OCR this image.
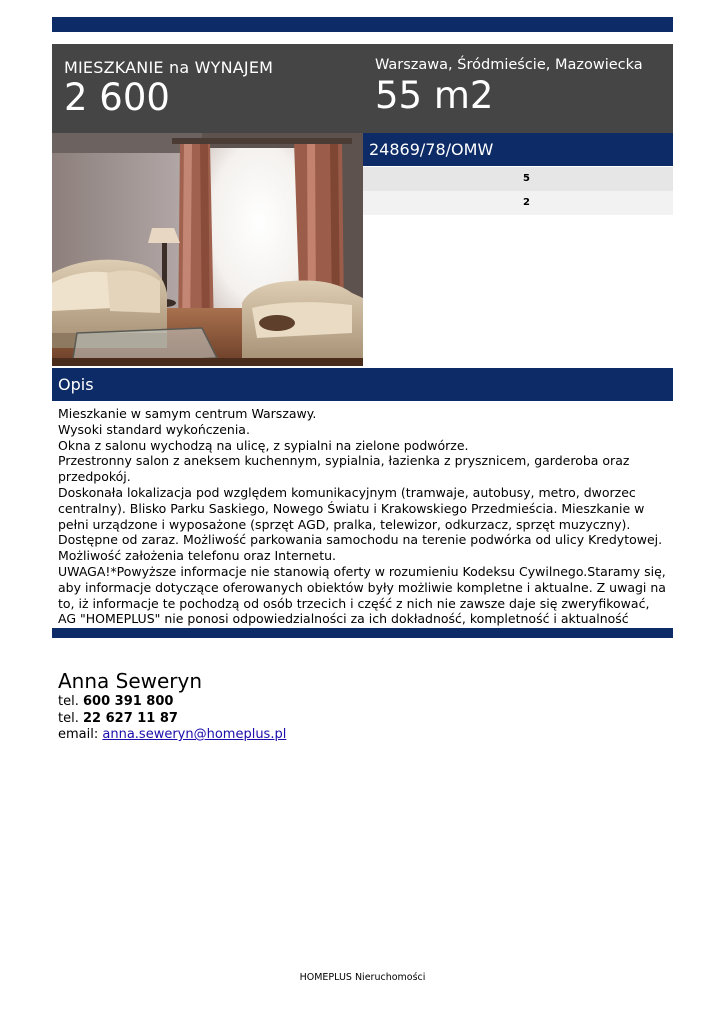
MIESZKANIE na WYNAJEM
2 600
Warszawa, Śródmieście, Mazowiecka
55 m2
24869/78/OMW
5
2
Opis
Mieszkanie w samym centrum Warszawy.
Wysoki standard wykończenia.
Okna z salonu wychodzą na ulicę, z sypialni na zielone podwórze.
Przestronny salon z aneksem kuchennym, sypialnia, łazienka z prysznicem, garderoba oraz przedpokój.
Doskonała lokalizacja pod względem komunikacyjnym (tramwaje, autobusy, metro, dworzec centralny). Blisko Parku Saskiego, Nowego Światu i Krakowskiego Przedmieścia. Mieszkanie w pełni urządzone i wyposażone (sprzęt AGD, pralka, telewizor, odkurzacz, sprzęt muzyczny). Dostępne od zaraz. Możliwość parkowania samochodu na terenie podwórka od ulicy Kredytowej. Możliwość założenia telefonu oraz Internetu.
UWAGA!*Powyższe informacje nie stanowią oferty w rozumieniu Kodeksu Cywilnego.Staramy się, aby informacje dotyczące oferowanych obiektów były możliwie kompletne i aktualne. Z uwagi na to, iż informacje te pochodzą od osób trzecich i część z nich nie zawsze daje się zweryfikować, AG "HOMEPLUS" nie ponosi odpowiedzialności za ich dokładność, kompletność i aktualność
Anna Seweryn
tel. 600 391 800
tel. 22 627 11 87
email: anna.seweryn@homeplus.pl
HOMEPLUS Nieruchomości
